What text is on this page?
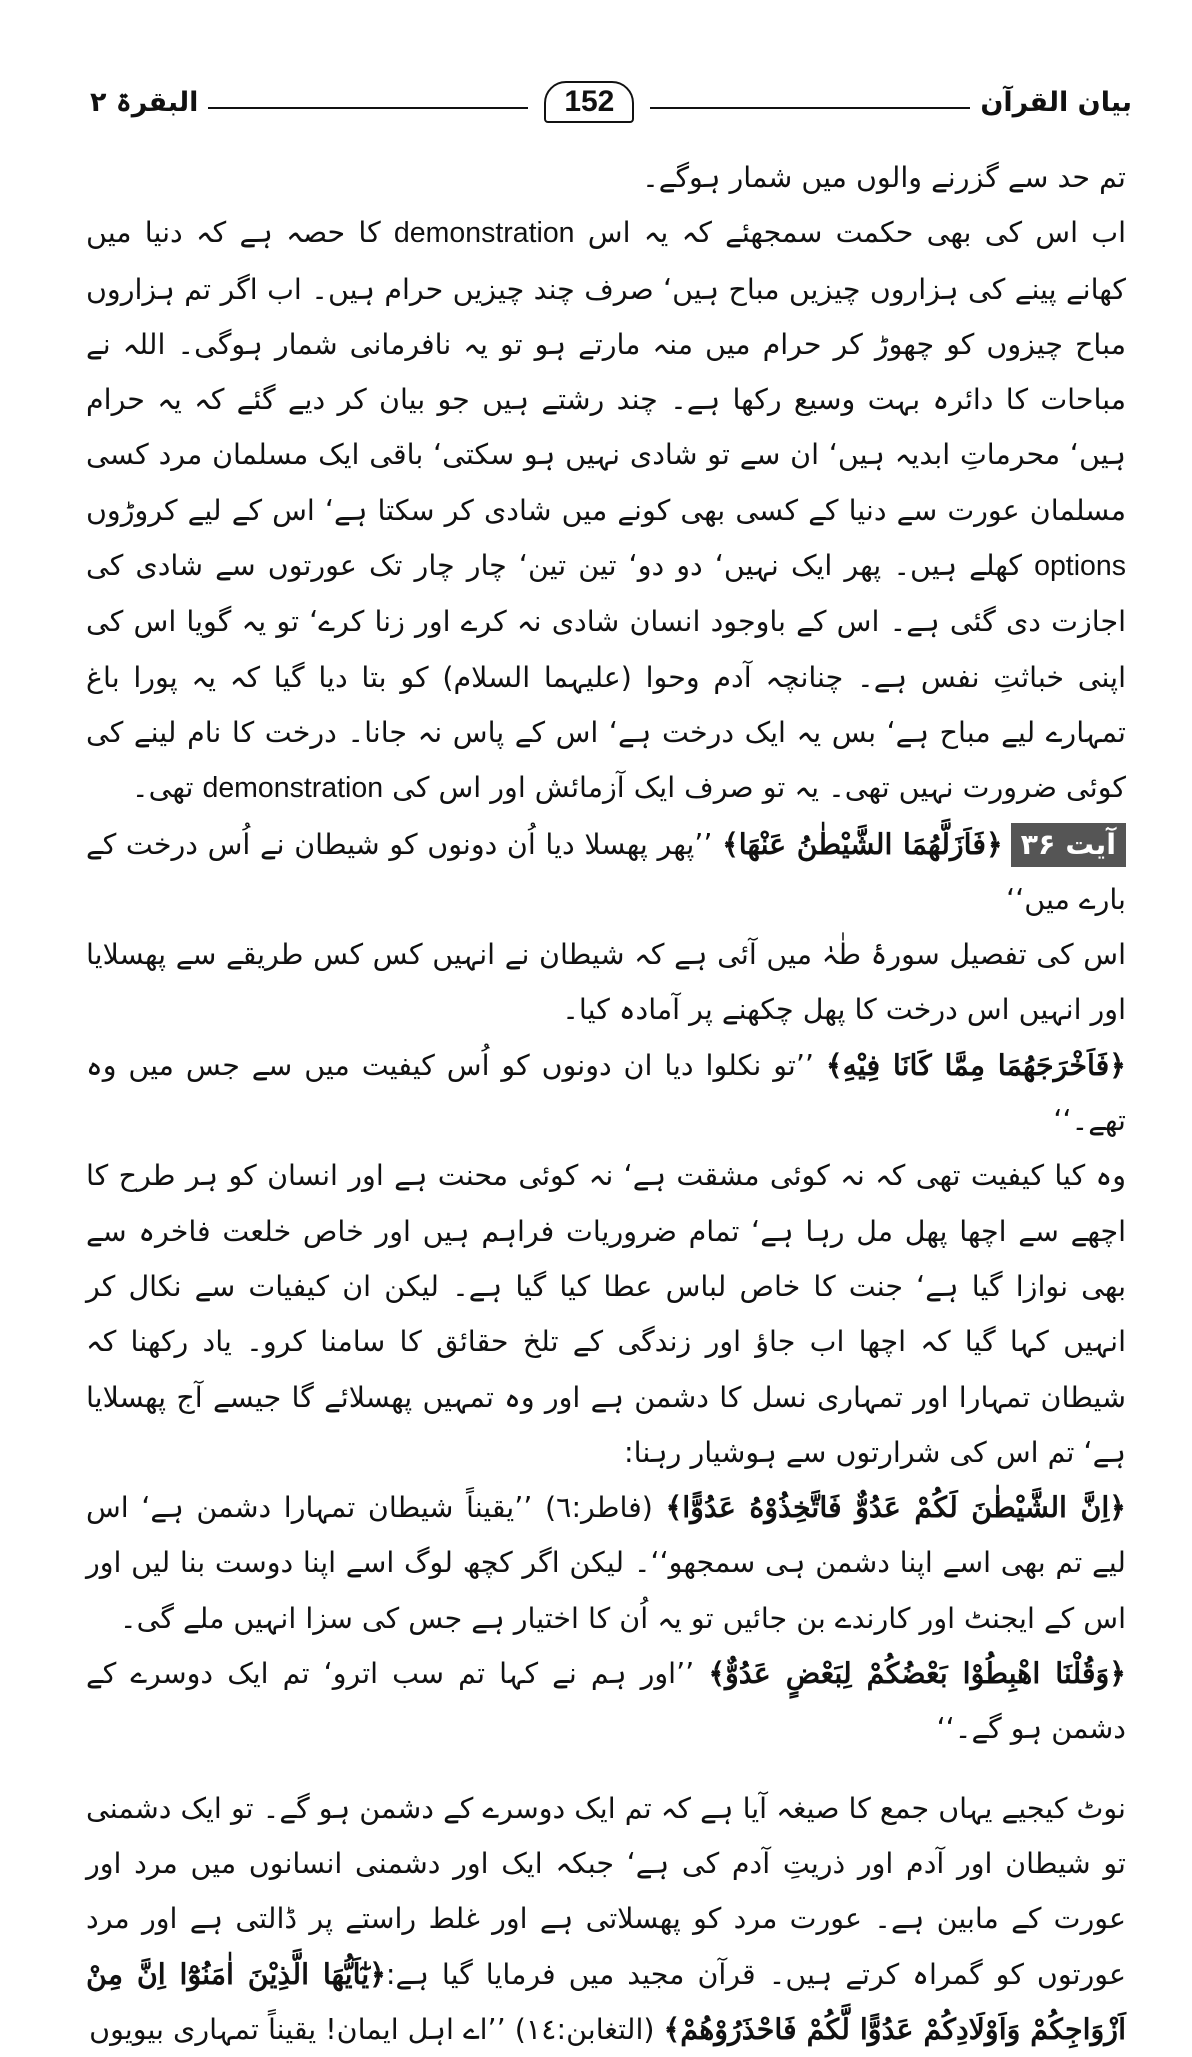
البقرۃ ۲	152	بیان القرآن

تم حد سے گزرنے والوں میں شمار ہوگے۔

اب اس کی بھی حکمت سمجھئے کہ یہ اس demonstration کا حصہ ہے کہ دنیا میں کھانے پینے کی ہزاروں چیزیں مباح ہیں‘ صرف چند چیزیں حرام ہیں۔ اب اگر تم ہزاروں مباح چیزوں کو چھوڑ کر حرام میں منہ مارتے ہو تو یہ نافرمانی شمار ہوگی۔ اللہ نے مباحات کا دائرہ بہت وسیع رکھا ہے۔ چند رشتے ہیں جو بیان کر دیے گئے کہ یہ حرام ہیں‘ محرماتِ ابدیہ ہیں‘ ان سے تو شادی نہیں ہو سکتی‘ باقی ایک مسلمان مرد کسی مسلمان عورت سے دنیا کے کسی بھی کونے میں شادی کر سکتا ہے‘ اس کے لیے کروڑوں options کھلے ہیں۔ پھر ایک نہیں‘ دو دو‘ تین تین‘ چار چار تک عورتوں سے شادی کی اجازت دی گئی ہے۔ اس کے باوجود انسان شادی نہ کرے اور زنا کرے‘ تو یہ گویا اس کی اپنی خباثتِ نفس ہے۔ چنانچہ آدم وحوا (علیہما السلام) کو بتا دیا گیا کہ یہ پورا باغ تمہارے لیے مباح ہے‘ بس یہ ایک درخت ہے‘ اس کے پاس نہ جانا۔ درخت کا نام لینے کی کوئی ضرورت نہیں تھی۔ یہ تو صرف ایک آزمائش اور اس کی demonstration تھی۔

آیت ۳۶﴿فَاَزَلَّهُمَا الشَّيْطٰنُ عَنْهَا﴾ ’’پھر پھسلا دیا اُن دونوں کو شیطان نے اُس درخت کے بارے میں‘‘

اس کی تفصیل سورۂ طٰہٰ میں آئی ہے کہ شیطان نے انہیں کس کس طریقے سے پھسلایا اور انہیں اس درخت کا پھل چکھنے پر آمادہ کیا۔

﴿فَاَخْرَجَهُمَا مِمَّا كَانَا فِيْهِ﴾ ’’تو نکلوا دیا ان دونوں کو اُس کیفیت میں سے جس میں وہ تھے۔‘‘

وہ کیا کیفیت تھی کہ نہ کوئی مشقت ہے‘ نہ کوئی محنت ہے اور انسان کو ہر طرح کا اچھے سے اچھا پھل مل رہا ہے‘ تمام ضروریات فراہم ہیں اور خاص خلعت فاخرہ سے بھی نوازا گیا ہے‘ جنت کا خاص لباس عطا کیا گیا ہے۔ لیکن ان کیفیات سے نکال کر انہیں کہا گیا کہ اچھا اب جاؤ اور زندگی کے تلخ حقائق کا سامنا کرو۔ یاد رکھنا کہ شیطان تمہارا اور تمہاری نسل کا دشمن ہے اور وہ تمہیں پھسلائے گا جیسے آج پھسلایا ہے‘ تم اس کی شرارتوں سے ہوشیار رہنا:

﴿اِنَّ الشَّيْطٰنَ لَكُمْ عَدُوٌّ فَاتَّخِذُوْهُ عَدُوًّا﴾ (فاطر:٦) ’’یقیناً شیطان تمہارا دشمن ہے‘ اس لیے تم بھی اسے اپنا دشمن ہی سمجھو‘‘۔ لیکن اگر کچھ لوگ اسے اپنا دوست بنا لیں اور اس کے ایجنٹ اور کارندے بن جائیں تو یہ اُن کا اختیار ہے جس کی سزا انہیں ملے گی۔

﴿وَقُلْنَا اهْبِطُوْا بَعْضُكُمْ لِبَعْضٍ عَدُوٌّ﴾ ’’اور ہم نے کہا تم سب اترو‘ تم ایک دوسرے کے دشمن ہو گے۔‘‘

نوٹ کیجیے یہاں جمع کا صیغہ آیا ہے کہ تم ایک دوسرے کے دشمن ہو گے۔ تو ایک دشمنی تو شیطان اور آدم اور ذریتِ آدم کی ہے‘ جبکہ ایک اور دشمنی انسانوں میں مرد اور عورت کے مابین ہے۔ عورت مرد کو پھسلاتی ہے اور غلط راستے پر ڈالتی ہے اور مرد عورتوں کو گمراہ کرتے ہیں۔ قرآن مجید میں فرمایا گیا ہے:﴿يٰٓاَيُّهَا الَّذِيْنَ اٰمَنُوْٓا اِنَّ مِنْ اَزْوَاجِكُمْ وَاَوْلَادِكُمْ عَدُوًّا لَّكُمْ فَاحْذَرُوْهُمْ﴾ (التغابن:١٤) ’’اے اہل ایمان! یقیناً تمہاری بیویوں
